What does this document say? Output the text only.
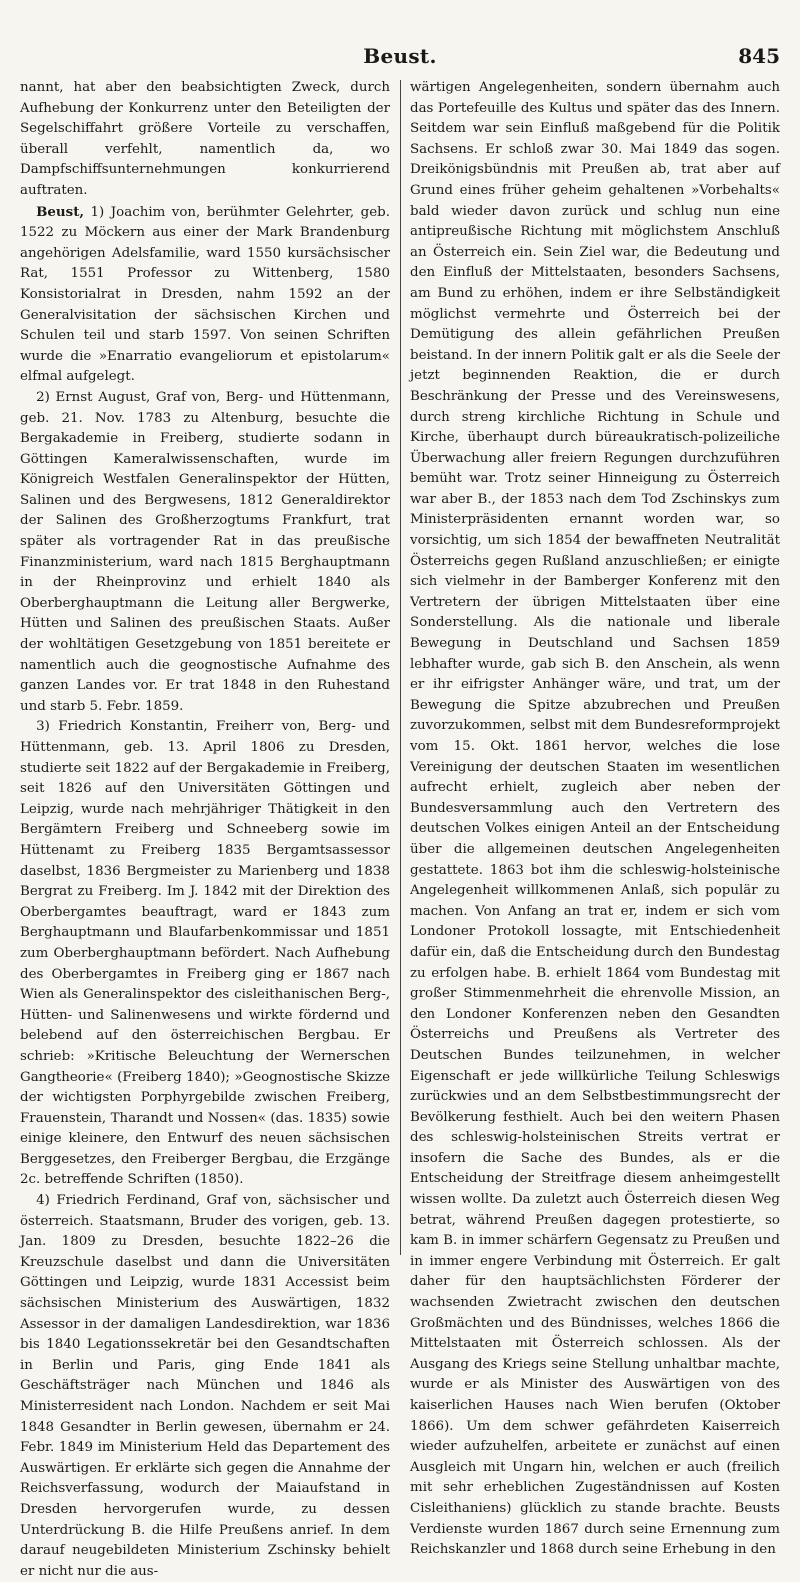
Beust.	845

nannt, hat aber den beabsichtigten Zweck, durch Aufhebung der Konkurrenz unter den Beteiligten der Segelschiffahrt größere Vorteile zu verschaffen, überall verfehlt, namentlich da, wo Dampfschiffsunternehmungen konkurrierend auftraten.

Beust, 1) Joachim von, berühmter Gelehrter, geb. 1522 zu Möckern aus einer der Mark Brandenburg angehörigen Adelsfamilie, ward 1550 kursächsischer Rat, 1551 Professor zu Wittenberg, 1580 Konsistorialrat in Dresden, nahm 1592 an der Generalvisitation der sächsischen Kirchen und Schulen teil und starb 1597. Von seinen Schriften wurde die »Enarratio evangeliorum et epistolarum« elfmal aufgelegt.

2) Ernst August, Graf von, Berg- und Hüttenmann, geb. 21. Nov. 1783 zu Altenburg, besuchte die Bergakademie in Freiberg, studierte sodann in Göttingen Kameralwissenschaften, wurde im Königreich Westfalen Generalinspektor der Hütten, Salinen und des Bergwesens, 1812 Generaldirektor der Salinen des Großherzogtums Frankfurt, trat später als vortragender Rat in das preußische Finanzministerium, ward nach 1815 Berghauptmann in der Rheinprovinz und erhielt 1840 als Oberberghauptmann die Leitung aller Bergwerke, Hütten und Salinen des preußischen Staats. Außer der wohltätigen Gesetzgebung von 1851 bereitete er namentlich auch die geognostische Aufnahme des ganzen Landes vor. Er trat 1848 in den Ruhestand und starb 5. Febr. 1859.

3) Friedrich Konstantin, Freiherr von, Berg- und Hüttenmann, geb. 13. April 1806 zu Dresden, studierte seit 1822 auf der Bergakademie in Freiberg, seit 1826 auf den Universitäten Göttingen und Leipzig, wurde nach mehrjähriger Thätigkeit in den Bergämtern Freiberg und Schneeberg sowie im Hüttenamt zu Freiberg 1835 Bergamtsassessor daselbst, 1836 Bergmeister zu Marienberg und 1838 Bergrat zu Freiberg. Im J. 1842 mit der Direktion des Oberbergamtes beauftragt, ward er 1843 zum Berghauptmann und Blaufarbenkommissar und 1851 zum Oberberghauptmann befördert. Nach Aufhebung des Oberbergamtes in Freiberg ging er 1867 nach Wien als Generalinspektor des cisleithanischen Berg-, Hütten- und Salinenwesens und wirkte fördernd und belebend auf den österreichischen Bergbau. Er schrieb: »Kritische Beleuchtung der Wernerschen Gangtheorie« (Freiberg 1840); »Geognostische Skizze der wichtigsten Porphyrgebilde zwischen Freiberg, Frauenstein, Tharandt und Nossen« (das. 1835) sowie einige kleinere, den Entwurf des neuen sächsischen Berggesetzes, den Freiberger Bergbau, die Erzgänge 2c. betreffende Schriften (1850).

4) Friedrich Ferdinand, Graf von, sächsischer und österreich. Staatsmann, Bruder des vorigen, geb. 13. Jan. 1809 zu Dresden, besuchte 1822–26 die Kreuzschule daselbst und dann die Universitäten Göttingen und Leipzig, wurde 1831 Accessist beim sächsischen Ministerium des Auswärtigen, 1832 Assessor in der damaligen Landesdirektion, war 1836 bis 1840 Legationssekretär bei den Gesandtschaften in Berlin und Paris, ging Ende 1841 als Geschäftsträger nach München und 1846 als Ministerresident nach London. Nachdem er seit Mai 1848 Gesandter in Berlin gewesen, übernahm er 24. Febr. 1849 im Ministerium Held das Departement des Auswärtigen. Er erklärte sich gegen die Annahme der Reichsverfassung, wodurch der Maiaufstand in Dresden hervorgerufen wurde, zu dessen Unterdrückung B. die Hilfe Preußens anrief. In dem darauf neugebildeten Ministerium Zschinsky behielt er nicht nur die aus-

wärtigen Angelegenheiten, sondern übernahm auch das Portefeuille des Kultus und später das des Innern. Seitdem war sein Einfluß maßgebend für die Politik Sachsens. Er schloß zwar 30. Mai 1849 das sogen. Dreikönigsbündnis mit Preußen ab, trat aber auf Grund eines früher geheim gehaltenen »Vorbehalts« bald wieder davon zurück und schlug nun eine antipreußische Richtung mit möglichstem Anschluß an Österreich ein. Sein Ziel war, die Bedeutung und den Einfluß der Mittelstaaten, besonders Sachsens, am Bund zu erhöhen, indem er ihre Selbständigkeit möglichst vermehrte und Österreich bei der Demütigung des allein gefährlichen Preußen beistand. In der innern Politik galt er als die Seele der jetzt beginnenden Reaktion, die er durch Beschränkung der Presse und des Vereinswesens, durch streng kirchliche Richtung in Schule und Kirche, überhaupt durch büreaukratisch-polizeiliche Überwachung aller freiern Regungen durchzuführen bemüht war. Trotz seiner Hinneigung zu Österreich war aber B., der 1853 nach dem Tod Zschinskys zum Ministerpräsidenten ernannt worden war, so vorsichtig, um sich 1854 der bewaffneten Neutralität Österreichs gegen Rußland anzuschließen; er einigte sich vielmehr in der Bamberger Konferenz mit den Vertretern der übrigen Mittelstaaten über eine Sonderstellung. Als die nationale und liberale Bewegung in Deutschland und Sachsen 1859 lebhafter wurde, gab sich B. den Anschein, als wenn er ihr eifrigster Anhänger wäre, und trat, um der Bewegung die Spitze abzubrechen und Preußen zuvorzukommen, selbst mit dem Bundesreformprojekt vom 15. Okt. 1861 hervor, welches die lose Vereinigung der deutschen Staaten im wesentlichen aufrecht erhielt, zugleich aber neben der Bundesversammlung auch den Vertretern des deutschen Volkes einigen Anteil an der Entscheidung über die allgemeinen deutschen Angelegenheiten gestattete. 1863 bot ihm die schleswig-holsteinische Angelegenheit willkommenen Anlaß, sich populär zu machen. Von Anfang an trat er, indem er sich vom Londoner Protokoll lossagte, mit Entschiedenheit dafür ein, daß die Entscheidung durch den Bundestag zu erfolgen habe. B. erhielt 1864 vom Bundestag mit großer Stimmenmehrheit die ehrenvolle Mission, an den Londoner Konferenzen neben den Gesandten Österreichs und Preußens als Vertreter des Deutschen Bundes teilzunehmen, in welcher Eigenschaft er jede willkürliche Teilung Schleswigs zurückwies und an dem Selbstbestimmungsrecht der Bevölkerung festhielt. Auch bei den weitern Phasen des schleswig-holsteinischen Streits vertrat er insofern die Sache des Bundes, als er die Entscheidung der Streitfrage diesem anheimgestellt wissen wollte. Da zuletzt auch Österreich diesen Weg betrat, während Preußen dagegen protestierte, so kam B. in immer schärfern Gegensatz zu Preußen und in immer engere Verbindung mit Österreich. Er galt daher für den hauptsächlichsten Förderer der wachsenden Zwietracht zwischen den deutschen Großmächten und des Bündnisses, welches 1866 die Mittelstaaten mit Österreich schlossen. Als der Ausgang des Kriegs seine Stellung unhaltbar machte, wurde er als Minister des Auswärtigen von des kaiserlichen Hauses nach Wien berufen (Oktober 1866). Um dem schwer gefährdeten Kaiserreich wieder aufzuhelfen, arbeitete er zunächst auf einen Ausgleich mit Ungarn hin, welchen er auch (freilich mit sehr erheblichen Zugeständnissen auf Kosten Cisleithaniens) glücklich zu stande brachte. Beusts Verdienste wurden 1867 durch seine Ernennung zum Reichskanzler und 1868 durch seine Erhebung in den
